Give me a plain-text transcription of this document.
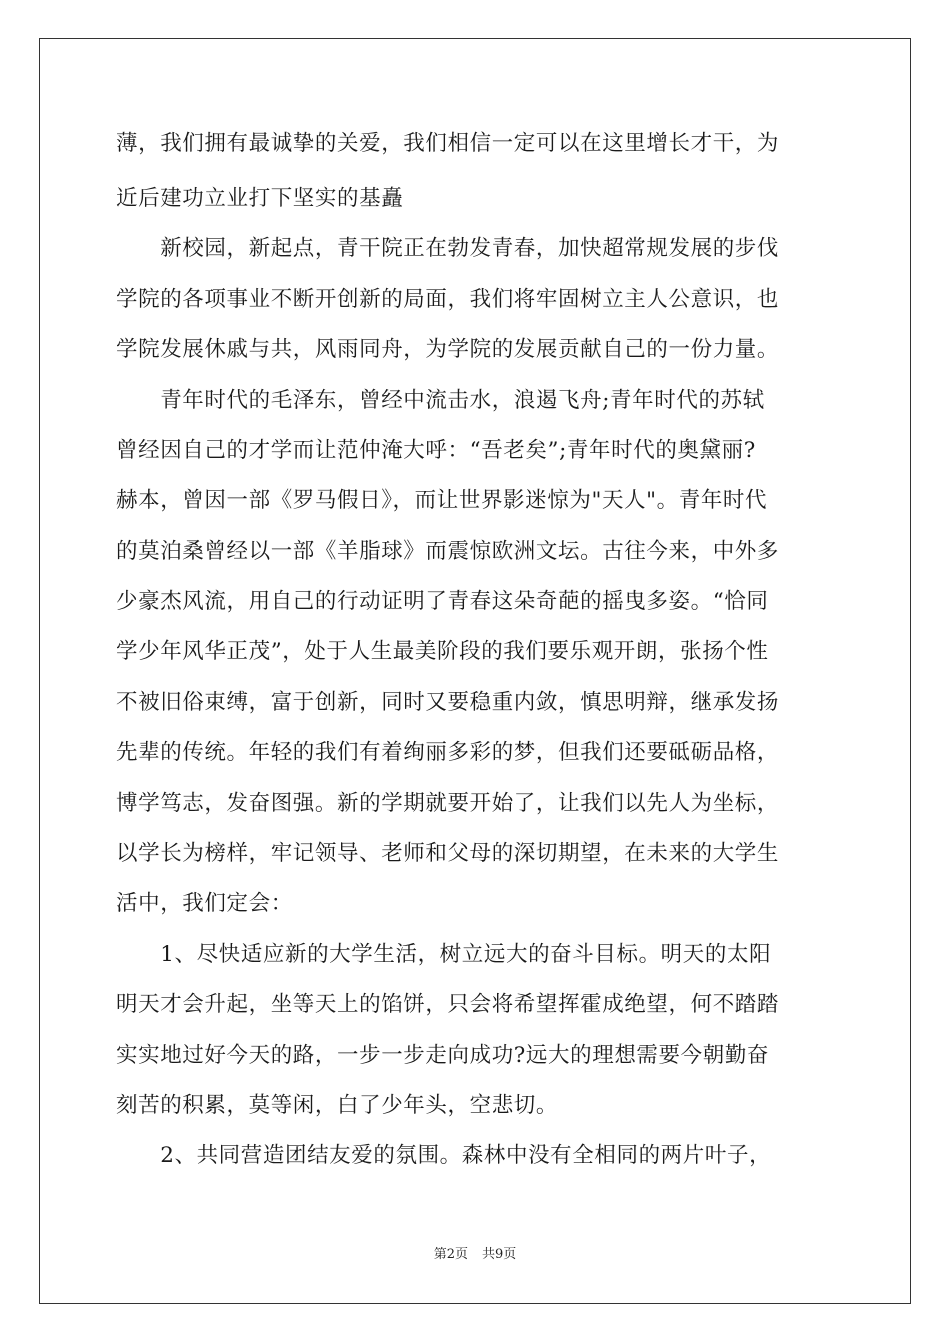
薄，我们拥有最诚挚的关爱，我们相信一定可以在这里增长才干，为
近后建功立业打下坚实的基矗
　　新校园，新起点，青干院正在勃发青春，加快超常规发展的步伐
学院的各项事业不断开创新的局面，我们将牢固树立主人公意识，也
学院发展休戚与共，风雨同舟，为学院的发展贡献自己的一份力量。
　　青年时代的毛泽东，曾经中流击水，浪遏飞舟;青年时代的苏轼
曾经因自己的才学而让范仲淹大呼：“吾老矣”;青年时代的奥黛丽?
赫本，曾因一部《罗马假日》，而让世界影迷惊为"天人"。青年时代
的莫泊桑曾经以一部《羊脂球》而震惊欧洲文坛。古往今来，中外多
少豪杰风流，用自己的行动证明了青春这朵奇葩的摇曳多姿。“恰同
学少年风华正茂”，处于人生最美阶段的我们要乐观开朗，张扬个性
不被旧俗束缚，富于创新，同时又要稳重内敛，慎思明辩，继承发扬
先辈的传统。年轻的我们有着绚丽多彩的梦，但我们还要砥砺品格，
博学笃志，发奋图强。新的学期就要开始了，让我们以先人为坐标，
以学长为榜样，牢记领导、老师和父母的深切期望，在未来的大学生
活中，我们定会：
　　1、尽快适应新的大学生活，树立远大的奋斗目标。明天的太阳
明天才会升起，坐等天上的馅饼，只会将希望挥霍成绝望，何不踏踏
实实地过好今天的路，一步一步走向成功?远大的理想需要今朝勤奋
刻苦的积累，莫等闲，白了少年头，空悲切。
　　2、共同营造团结友爱的氛围。森林中没有全相同的两片叶子，
第2页 共9页
